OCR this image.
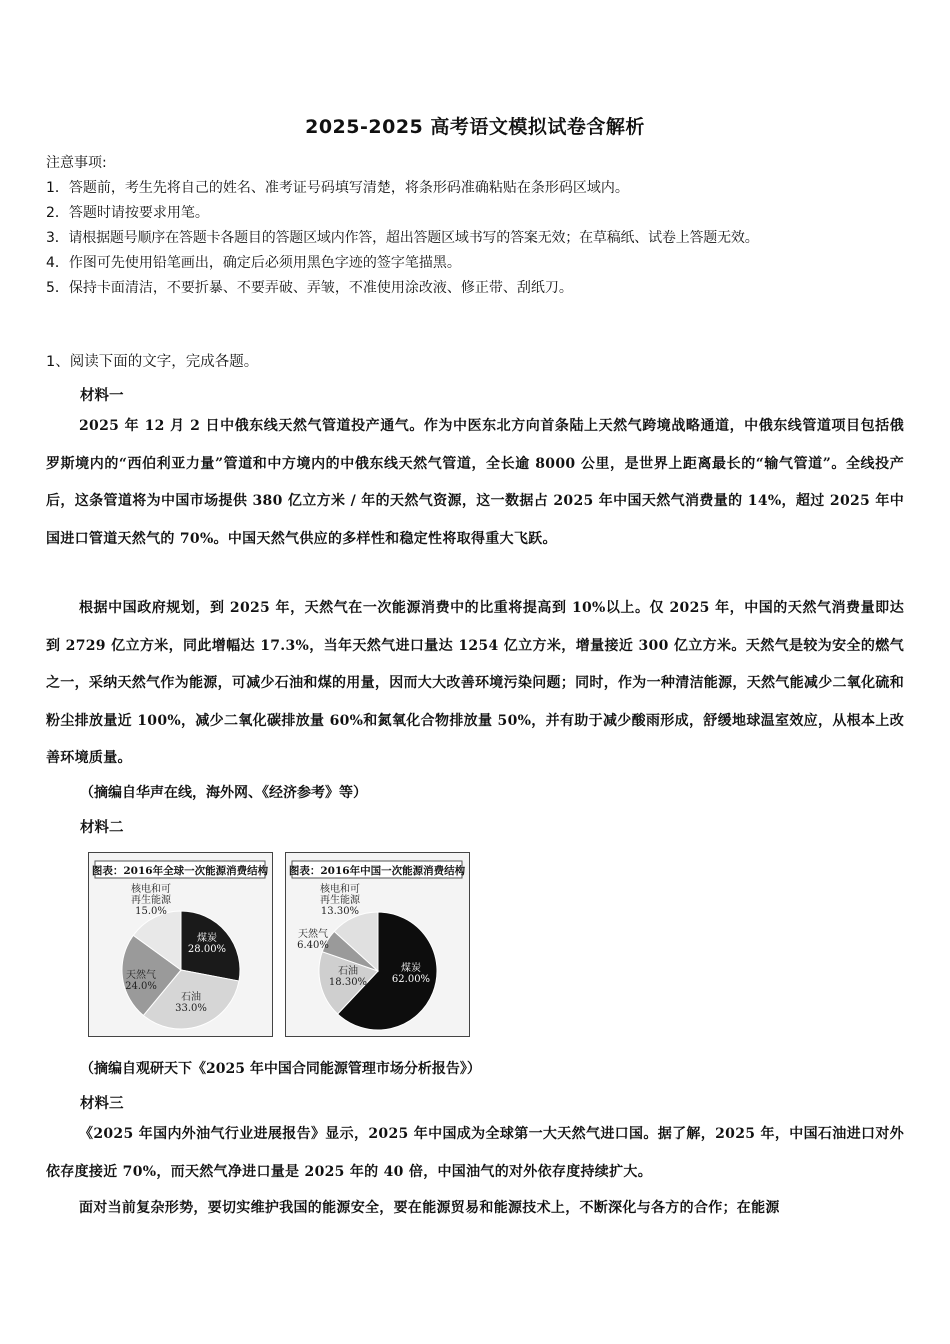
2025-2025 高考语文模拟试卷含解析
注意事项:
1．答题前，考生先将自己的姓名、准考证号码填写清楚，将条形码准确粘贴在条形码区域内。
2．答题时请按要求用笔。
3．请根据题号顺序在答题卡各题目的答题区域内作答，超出答题区域书写的答案无效；在草稿纸、试卷上答题无效。
4．作图可先使用铅笔画出，确定后必须用黑色字迹的签字笔描黑。
5．保持卡面清洁，不要折暴、不要弄破、弄皱，不准使用涂改液、修正带、刮纸刀。
1、阅读下面的文字，完成各题。
材料一
2025 年 12 月 2 日中俄东线天然气管道投产通气。作为中医东北方向首条陆上天然气跨境战略通道，中俄东线管道项目包括俄罗斯境内的“西伯利亚力量”管道和中方境内的中俄东线天然气管道，全长逾 8000 公里，是世界上距离最长的“输气管道”。全线投产后，这条管道将为中国市场提供 380 亿立方米 / 年的天然气资源，这一数据占 2025 年中国天然气消费量的 14%，超过 2025 年中国进口管道天然气的 70%。中国天然气供应的多样性和稳定性将取得重大飞跃。
根据中国政府规划，到 2025 年，天然气在一次能源消费中的比重将提高到 10%以上。仅 2025 年，中国的天然气消费量即达到 2729 亿立方米，同此增幅达 17.3%，当年天然气进口量达 1254 亿立方米，增量接近 300 亿立方米。天然气是较为安全的燃气之一，采纳天然气作为能源，可减少石油和煤的用量，因而大大改善环境污染问题；同时，作为一种清洁能源，天然气能减少二氧化硫和粉尘排放量近 100%，减少二氧化碳排放量 60%和氮氧化合物排放量 50%，并有助于减少酸雨形成，舒缓地球温室效应，从根本上改善环境质量。
（摘编自华声在线，海外网、《经济参考》等）
材料二
图表：2016年全球一次能源消费结构
煤炭
28.00%
石油
33.0%
天然气
24.0%
核电和可
再生能源
15.0%
图表：2016年中国一次能源消费结构
煤炭
62.00%
石油
18.30%
天然气
6.40%
核电和可
再生能源
13.30%
（摘编自观研天下《2025 年中国合同能源管理市场分析报告》）
材料三
《2025 年国内外油气行业进展报告》显示，2025 年中国成为全球第一大天然气进口国。据了解，2025 年，中国石油进口对外依存度接近 70%，而天然气净进口量是 2025 年的 40 倍，中国油气的对外依存度持续扩大。
面对当前复杂形势，要切实维护我国的能源安全，要在能源贸易和能源技术上，不断深化与各方的合作；在能源
